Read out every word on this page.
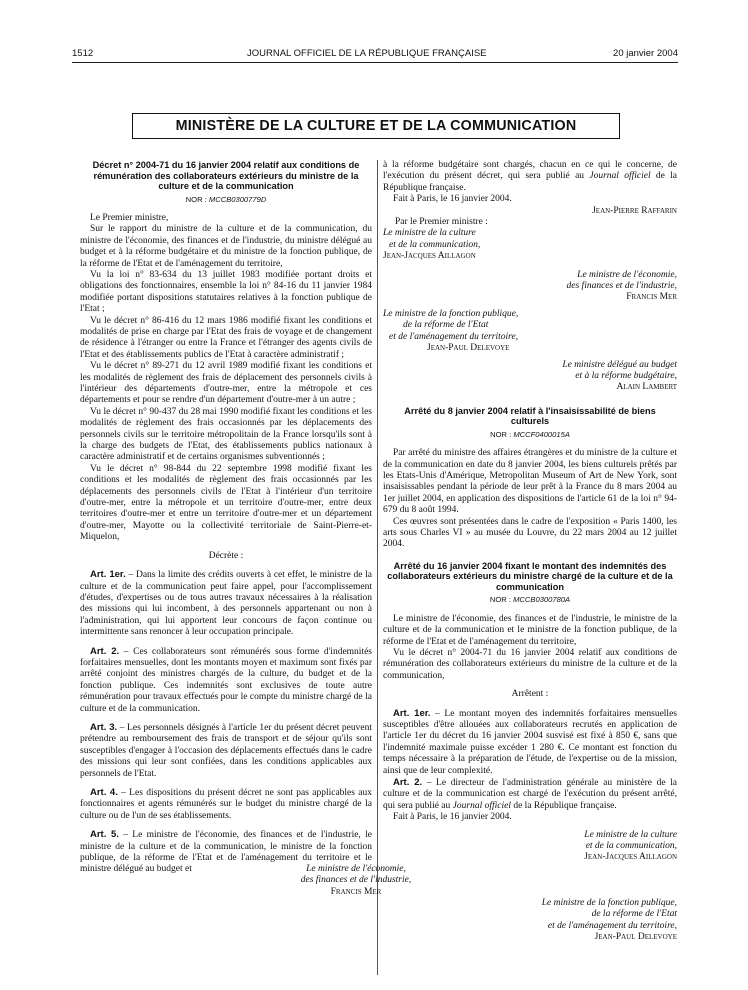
1512	JOURNAL OFFICIEL DE LA RÉPUBLIQUE FRANÇAISE	20 janvier 2004
MINISTÈRE DE LA CULTURE ET DE LA COMMUNICATION
Décret n° 2004-71 du 16 janvier 2004 relatif aux conditions de rémunération des collaborateurs extérieurs du ministre de la culture et de la communication
NOR : MCCB0300779D

Le Premier ministre,

Sur le rapport du ministre de la culture et de la communication, du ministre de l'économie, des finances et de l'industrie, du ministre délégué au budget et à la réforme budgétaire et du ministre de la fonction publique, de la réforme de l'Etat et de l'aménagement du territoire,

Vu la loi n° 83-634 du 13 juillet 1983 modifiée portant droits et obligations des fonctionnaires, ensemble la loi n° 84-16 du 11 janvier 1984 modifiée portant dispositions statutaires relatives à la fonction publique de l'Etat ;

Vu le décret n° 86-416 du 12 mars 1986 modifié fixant les conditions et modalités de prise en charge par l'Etat des frais de voyage et de changement de résidence à l'étranger ou entre la France et l'étranger des agents civils de l'Etat et des établissements publics de l'Etat à caractère administratif ;

Vu le décret n° 89-271 du 12 avril 1989 modifié fixant les conditions et les modalités de règlement des frais de déplacement des personnels civils à l'intérieur des départements d'outre-mer, entre la métropole et ces départements et pour se rendre d'un département d'outre-mer à un autre ;

Vu le décret n° 90-437 du 28 mai 1990 modifié fixant les conditions et les modalités de règlement des frais occasionnés par les déplacements des personnels civils sur le territoire métropolitain de la France lorsqu'ils sont à la charge des budgets de l'Etat, des établissements publics nationaux à caractère administratif et de certains organismes subventionnés ;

Vu le décret n° 98-844 du 22 septembre 1998 modifié fixant les conditions et les modalités de règlement des frais occasionnés par les déplacements des personnels civils de l'Etat à l'intérieur d'un territoire d'outre-mer, entre la métropole et un territoire d'outre-mer, entre deux territoires d'outre-mer et entre un territoire d'outre-mer et un département d'outre-mer, Mayotte ou la collectivité territoriale de Saint-Pierre-et-Miquelon,

Décrète :

Art. 1er. – Dans la limite des crédits ouverts à cet effet, le ministre de la culture et de la communication peut faire appel, pour l'accomplissement d'études, d'expertises ou de tous autres travaux nécessaires à la réalisation des missions qui lui incombent, à des personnels appartenant ou non à l'administration, qui lui apportent leur concours de façon continue ou intermittente sans renoncer à leur occupation principale.

Art. 2. – Ces collaborateurs sont rémunérés sous forme d'indemnités forfaitaires mensuelles, dont les montants moyen et maximum sont fixés par arrêté conjoint des ministres chargés de la culture, du budget et de la fonction publique. Ces indemnités sont exclusives de toute autre rémunération pour travaux effectués pour le compte du ministre chargé de la culture et de la communication.

Art. 3. – Les personnels désignés à l'article 1er du présent décret peuvent prétendre au remboursement des frais de transport et de séjour qu'ils sont susceptibles d'engager à l'occasion des déplacements effectués dans le cadre des missions qui leur sont confiées, dans les conditions applicables aux personnels de l'Etat.

Art. 4. – Les dispositions du présent décret ne sont pas applicables aux fonctionnaires et agents rémunérés sur le budget du ministre chargé de la culture ou de l'un de ses établissements.

Art. 5. – Le ministre de l'économie, des finances et de l'industrie, le ministre de la culture et de la communication, le ministre de la fonction publique, de la réforme de l'Etat et de l'aménagement du territoire et le ministre délégué au budget et

à la réforme budgétaire sont chargés, chacun en ce qui le concerne, de l'exécution du présent décret, qui sera publié au Journal officiel de la République française.

Fait à Paris, le 16 janvier 2004.

Jean-Pierre Raffarin
Par le Premier ministre :
Le ministre de la culture
et de la communication,
Jean-Jacques Aillagon
Le ministre de l'économie,
des finances et de l'industrie,
Francis Mer
Le ministre de la fonction publique,
de la réforme de l'Etat
et de l'aménagement du territoire,
Jean-Paul Delevoye
Le ministre délégué au budget
et à la réforme budgétaire,
Alain Lambert
Arrêté du 8 janvier 2004 relatif à l'insaisissabilité de biens culturels
NOR : MCCF0400015A

Par arrêté du ministre des affaires étrangères et du ministre de la culture et de la communication en date du 8 janvier 2004, les biens culturels prêtés par les Etats-Unis d'Amérique, Metropolitan Museum of Art de New York, sont insaisissables pendant la période de leur prêt à la France du 8 mars 2004 au 1er juillet 2004, en application des dispositions de l'article 61 de la loi n° 94-679 du 8 août 1994.

Ces œuvres sont présentées dans le cadre de l'exposition « Paris 1400, les arts sous Charles VI » au musée du Louvre, du 22 mars 2004 au 12 juillet 2004.

Arrêté du 16 janvier 2004 fixant le montant des indemnités des collaborateurs extérieurs du ministre chargé de la culture et de la communication
NOR : MCCB0300780A

Le ministre de l'économie, des finances et de l'industrie, le ministre de la culture et de la communication et le ministre de la fonction publique, de la réforme de l'Etat et de l'aménagement du territoire,

Vu le décret n° 2004-71 du 16 janvier 2004 relatif aux conditions de rémunération des collaborateurs extérieurs du ministre de la culture et de la communication,

Arrêtent :

Art. 1er. – Le montant moyen des indemnités forfaitaires mensuelles susceptibles d'être allouées aux collaborateurs recrutés en application de l'article 1er du décret du 16 janvier 2004 susvisé est fixé à 850 €, sans que l'indemnité maximale puisse excéder 1 280 €. Ce montant est fonction du temps nécessaire à la préparation de l'étude, de l'expertise ou de la mission, ainsi que de leur complexité.

Art. 2. – Le directeur de l'administration générale au ministère de la culture et de la communication est chargé de l'exécution du présent arrêté, qui sera publié au Journal officiel de la République française.

Fait à Paris, le 16 janvier 2004.

Le ministre de la culture
et de la communication,
Jean-Jacques Aillagon
Le ministre de l'économie,
des finances et de l'industrie,
Francis Mer
Le ministre de la fonction publique,
de la réforme de l'Etat
et de l'aménagement du territoire,
Jean-Paul Delevoye
